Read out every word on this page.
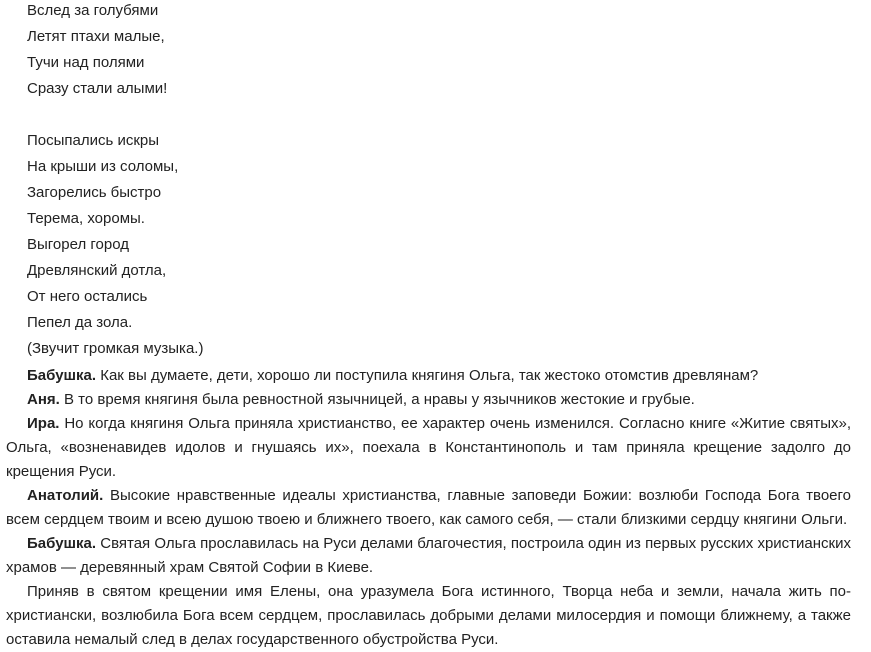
Вслед за голубями

Летят птахи малые,

Тучи над полями

Сразу стали алыми!

Посыпались искры

На крыши из соломы,

Загорелись быстро

Терема, хоромы.

Выгорел город

Древлянский дотла,

От него остались

Пепел да зола.

(Звучит громкая музыка.)

Бабушка. Как вы думаете, дети, хорошо ли поступила княгиня Ольга, так жестоко отомстив древлянам?

Аня. В то время княгиня была ревностной язычницей, а нравы у язычников жестокие и грубые.

Ира. Но когда княгиня Ольга приняла христианство, ее характер очень изменился. Согласно книге «Житие святых», Ольга, «возненавидев идолов и гнушаясь их», поехала в Константинополь и там приняла крещение задолго до крещения Руси.

Анатолий. Высокие нравственные идеалы христианства, главные заповеди Божии: возлюби Господа Бога твоего всем сердцем твоим и всею душою твоею и ближнего твоего, как самого себя, — стали близкими сердцу княгини Ольги.

Бабушка. Святая Ольга прославилась на Руси делами благочестия, построила один из первых русских христианских храмов — деревянный храм Святой Софии в Киеве.

Приняв в святом крещении имя Елены, она уразумела Бога истинного, Творца неба и земли, начала жить по-христиански, возлюбила Бога всем сердцем, прославилась добрыми делами милосердия и помощи ближнему, а также оставила немалый след в делах государственного обустройства Руси.
